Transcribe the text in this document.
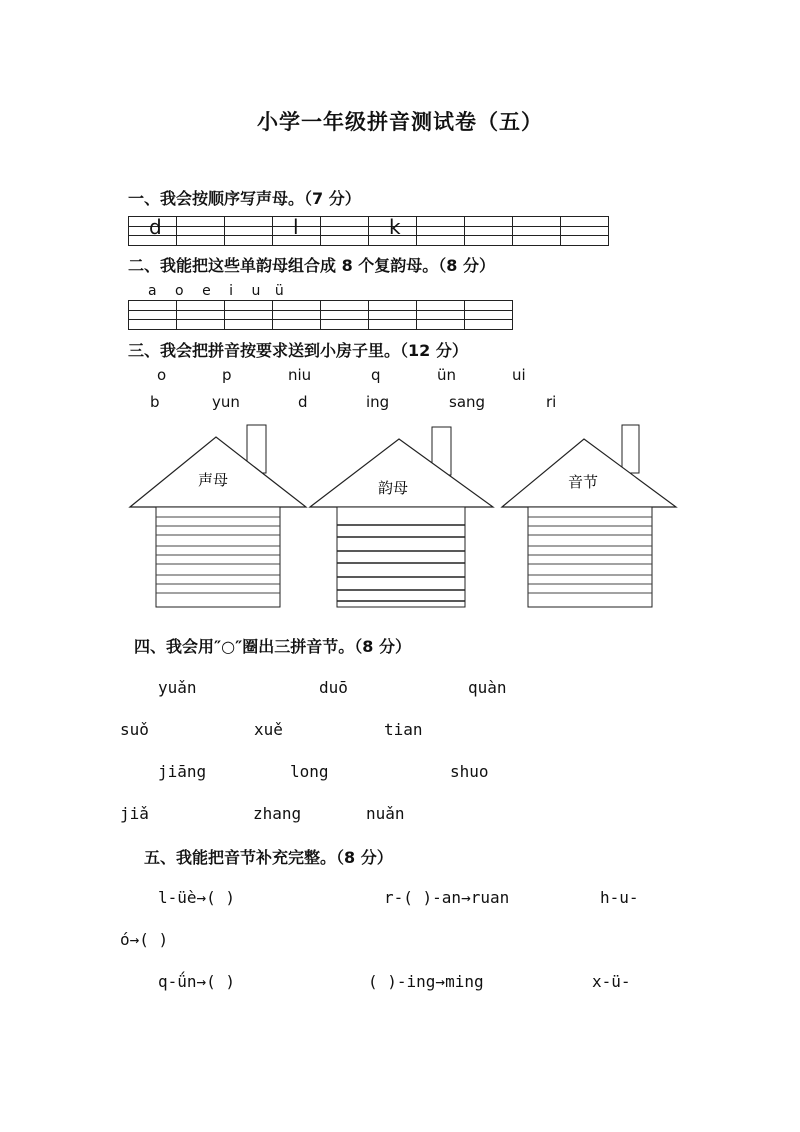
小学一年级拼音测试卷（五）
一、我会按顺序写声母。（7 分）
d			l		k

二、我能把这些单韵母组合成 8 个复韵母。（8 分）
a o e i u ü

三、我会把拼音按要求送到小房子里。（12 分）
o	p	niu	q	ün	ui
b	yun	d	ing	sang	ri
声母	韵母	音节
四、我会用″○″圈出三拼音节。（8 分）
yuǎn	duō	quàn
suǒ	xuě	tian
jiāng	long	shuo
jiǎ	zhang	nuǎn
五、我能把音节补充完整。（8 分）
l-üè→( )	r-( )-an→ruan	h-u-
ó→( )
q-ǘn→( )	( )-ing→ming	x-ü-
